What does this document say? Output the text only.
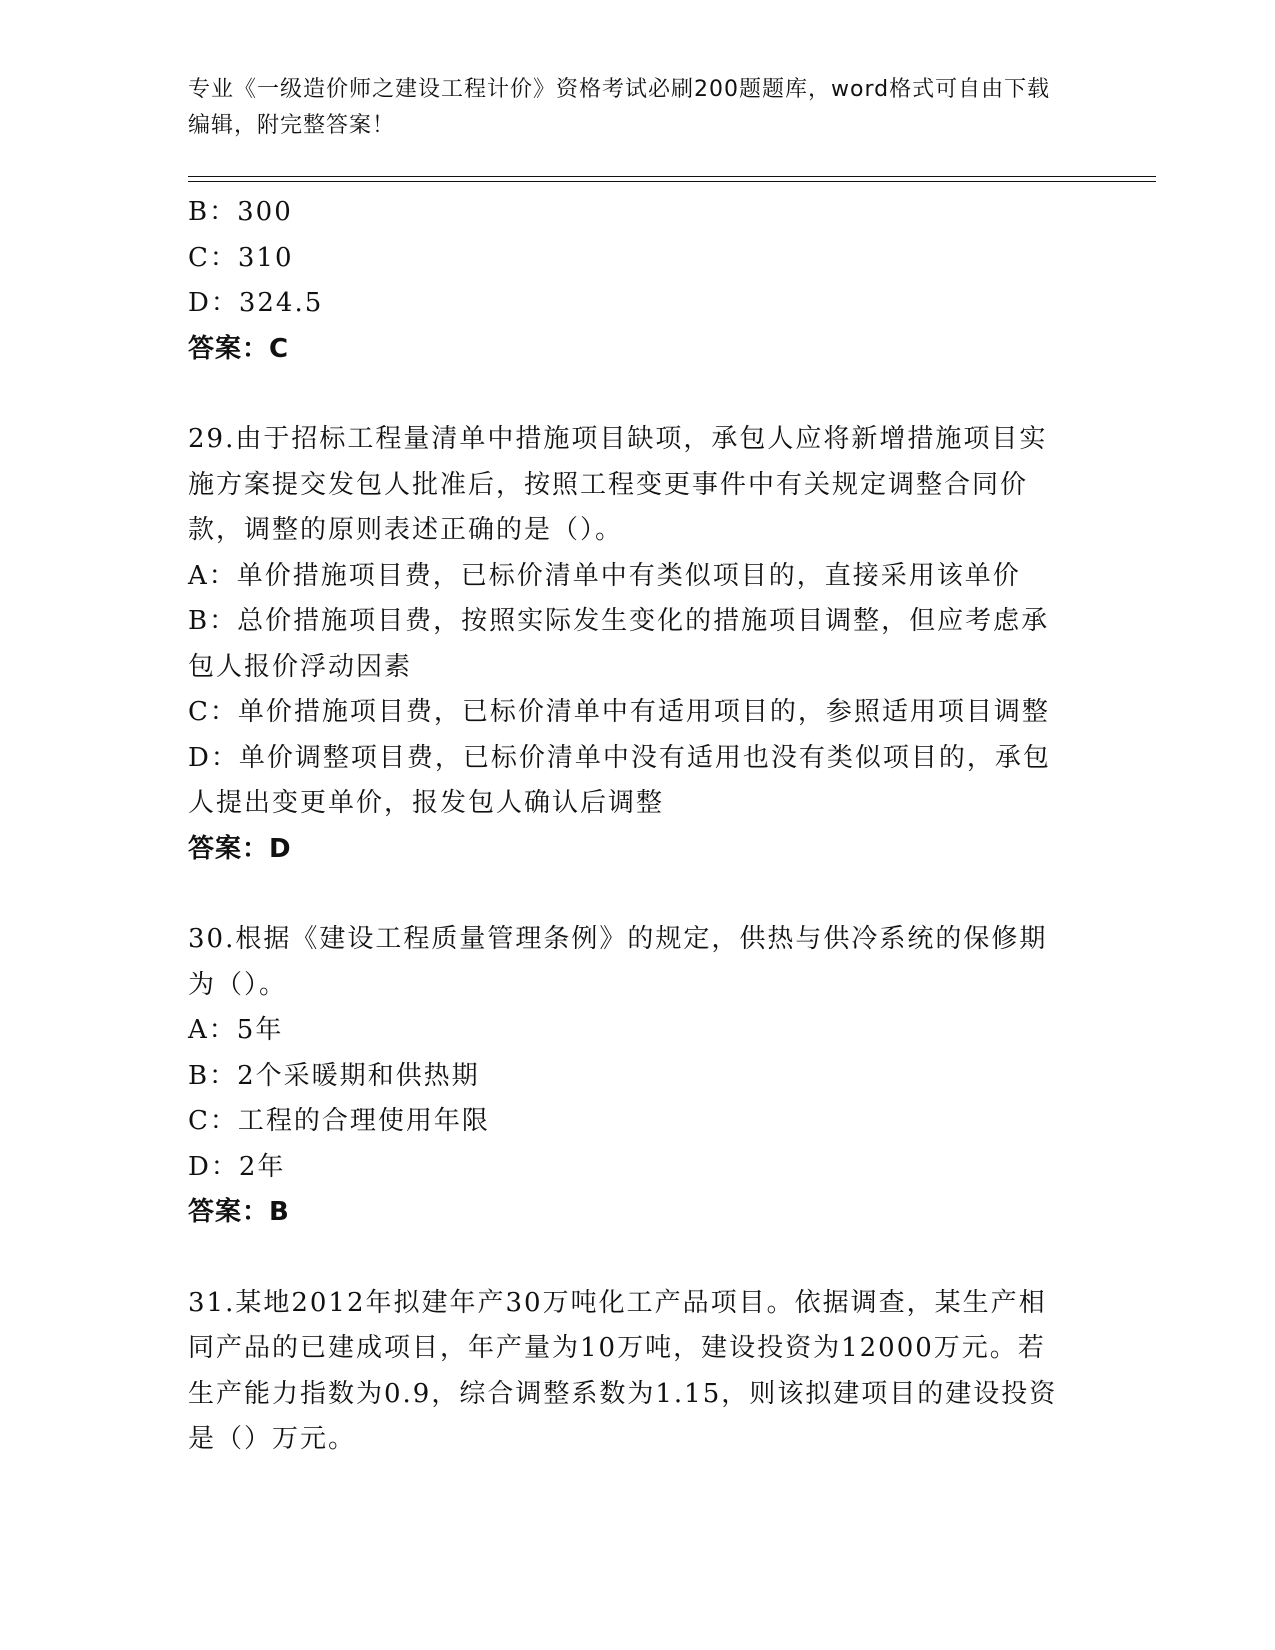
专业《一级造价师之建设工程计价》资格考试必刷200题题库，word格式可自由下载编辑，附完整答案！
B：300
C：310
D：324.5
答案：C
29.由于招标工程量清单中措施项目缺项，承包人应将新增措施项目实施方案提交发包人批准后，按照工程变更事件中有关规定调整合同价款，调整的原则表述正确的是（）。
A：单价措施项目费，已标价清单中有类似项目的，直接采用该单价
B：总价措施项目费，按照实际发生变化的措施项目调整，但应考虑承包人报价浮动因素
C：单价措施项目费，已标价清单中有适用项目的，参照适用项目调整
D：单价调整项目费，已标价清单中没有适用也没有类似项目的，承包人提出变更单价，报发包人确认后调整
答案：D
30.根据《建设工程质量管理条例》的规定，供热与供冷系统的保修期为（）。
A：5年
B：2个采暖期和供热期
C：工程的合理使用年限
D：2年
答案：B
31.某地2012年拟建年产30万吨化工产品项目。依据调查，某生产相同产品的已建成项目，年产量为10万吨，建设投资为12000万元。若生产能力指数为0.9，综合调整系数为1.15，则该拟建项目的建设投资是（）万元。
